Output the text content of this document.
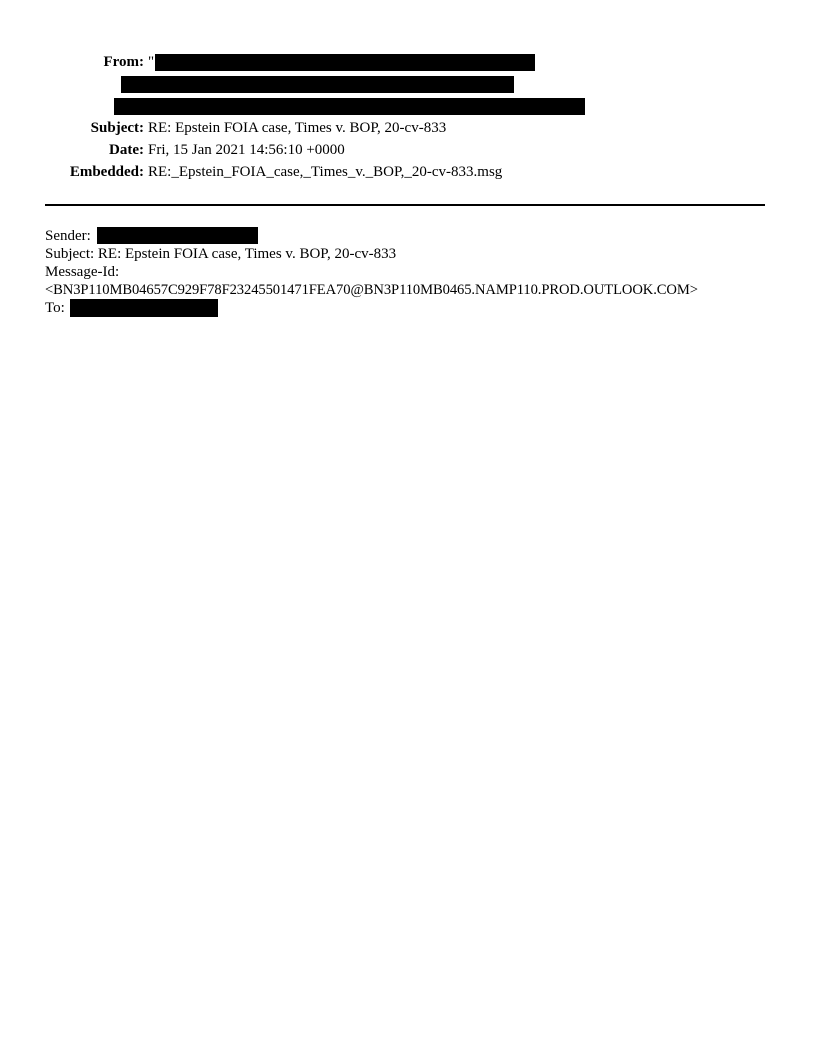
From: "
Subject: RE: Epstein FOIA case, Times v. BOP, 20-cv-833
Date: Fri, 15 Jan 2021 14:56:10 +0000
Embedded: RE:_Epstein_FOIA_case,_Times_v._BOP,_20-cv-833.msg
Sender:
Subject: RE: Epstein FOIA case, Times v. BOP, 20-cv-833
Message-Id:
<BN3P110MB04657C929F78F23245501471FEA70@BN3P110MB0465.NAMP110.PROD.OUTLOOK.COM>
To:
